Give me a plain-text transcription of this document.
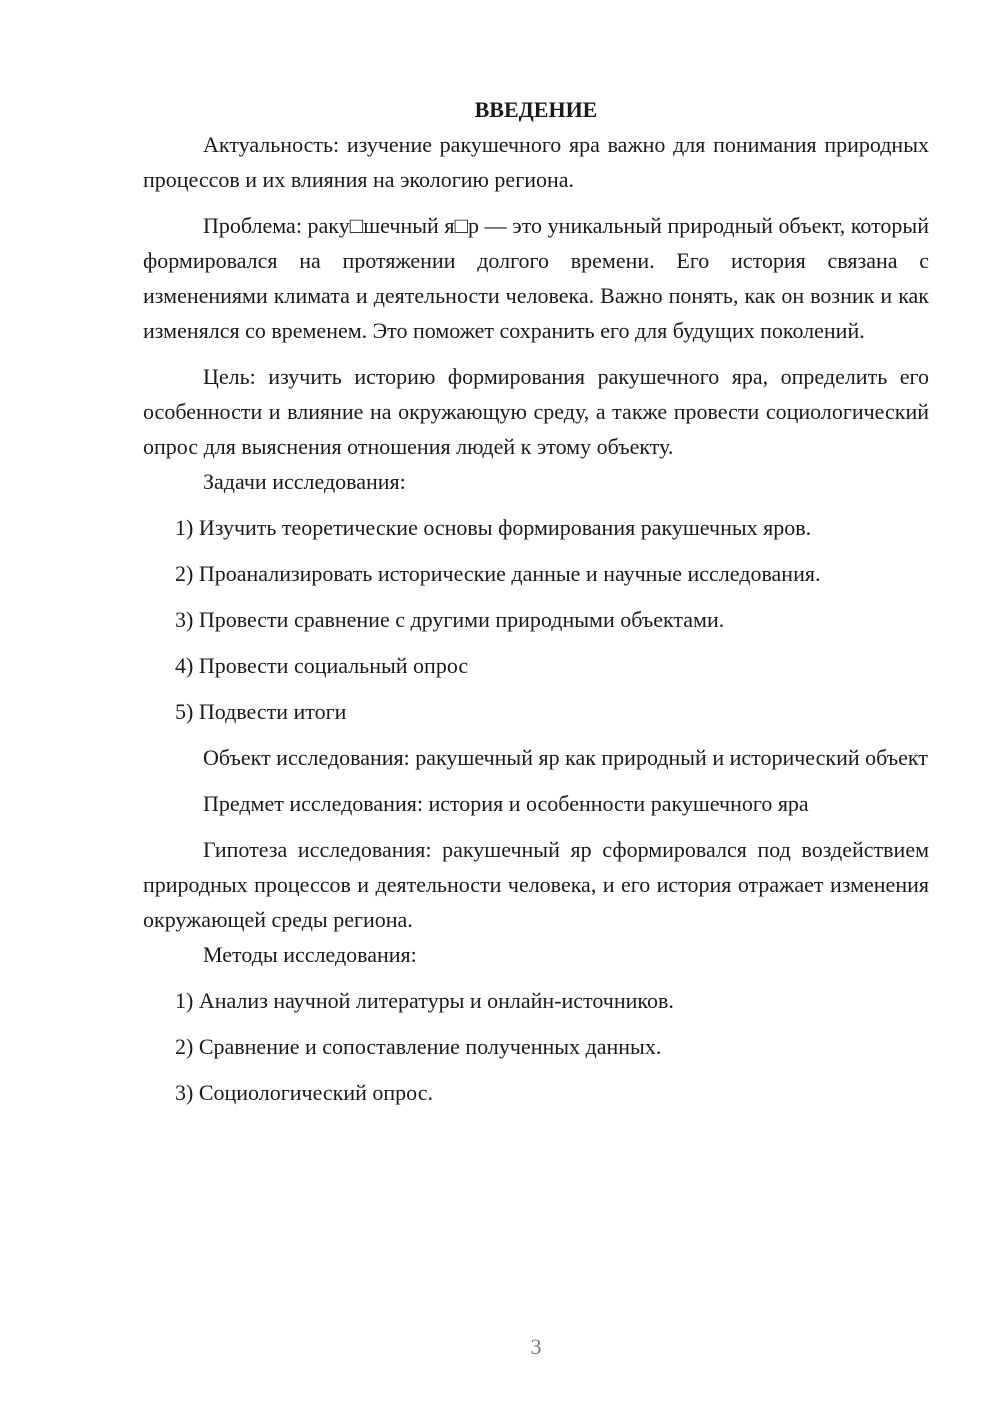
ВВЕДЕНИЕ

Актуальность: изучение ракушечного яра важно для понимания природных процессов и их влияния на экологию региона.

Проблема: раку□шечный я□р — это уникальный природный объект, который формировался на протяжении долгого времени. Его история связана с изменениями климата и деятельности человека. Важно понять, как он возник и как изменялся со временем. Это поможет сохранить его для будущих поколений.

Цель: изучить историю формирования ракушечного яра, определить его особенности и влияние на окружающую среду, а также провести социологический опрос для выяснения отношения людей к этому объекту.

Задачи исследования:

1) Изучить теоретические основы формирования ракушечных яров.

2) Проанализировать исторические данные и научные исследования.

3) Провести сравнение с другими природными объектами.

4) Провести социальный опрос

5) Подвести итоги

Объект исследования: ракушечный яр как природный и исторический объект

Предмет исследования: история и особенности ракушечного яра

Гипотеза исследования: ракушечный яр сформировался под воздействием природных процессов и деятельности человека, и его история отражает изменения окружающей среды региона.

Методы исследования:

1) Анализ научной литературы и онлайн-источников.

2) Сравнение и сопоставление полученных данных.

3) Социологический опрос.

3
